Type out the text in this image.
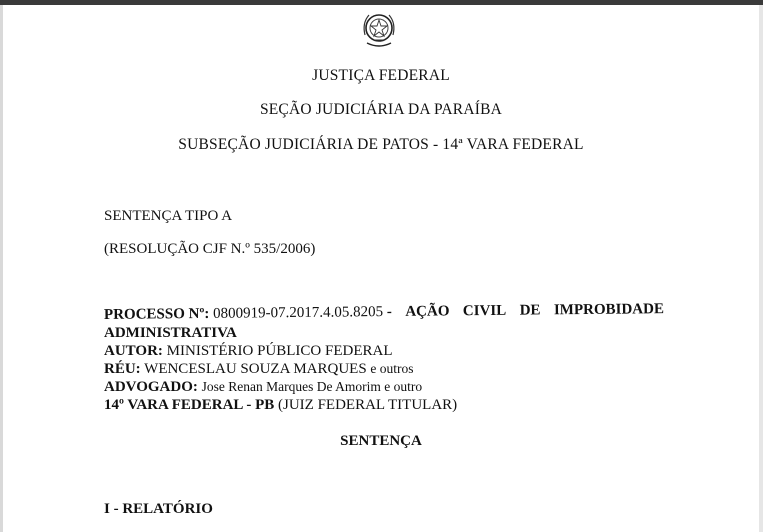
JUSTIÇA FEDERAL
SEÇÃO JUDICIÁRIA DA PARAÍBA
SUBSEÇÃO JUDICIÁRIA DE PATOS - 14ª VARA FEDERAL
SENTENÇA TIPO A
(RESOLUÇÃO CJF N.º 535/2006)
PROCESSO Nº: 0800919-07.2017.4.05.8205 - AÇÃO CIVIL DE IMPROBIDADE
ADMINISTRATIVA
AUTOR: MINISTÉRIO PÚBLICO FEDERAL
RÉU: WENCESLAU SOUZA MARQUES e outros
ADVOGADO: Jose Renan Marques De Amorim e outro
14º VARA FEDERAL - PB (JUIZ FEDERAL TITULAR)
SENTENÇA
I - RELATÓRIO
